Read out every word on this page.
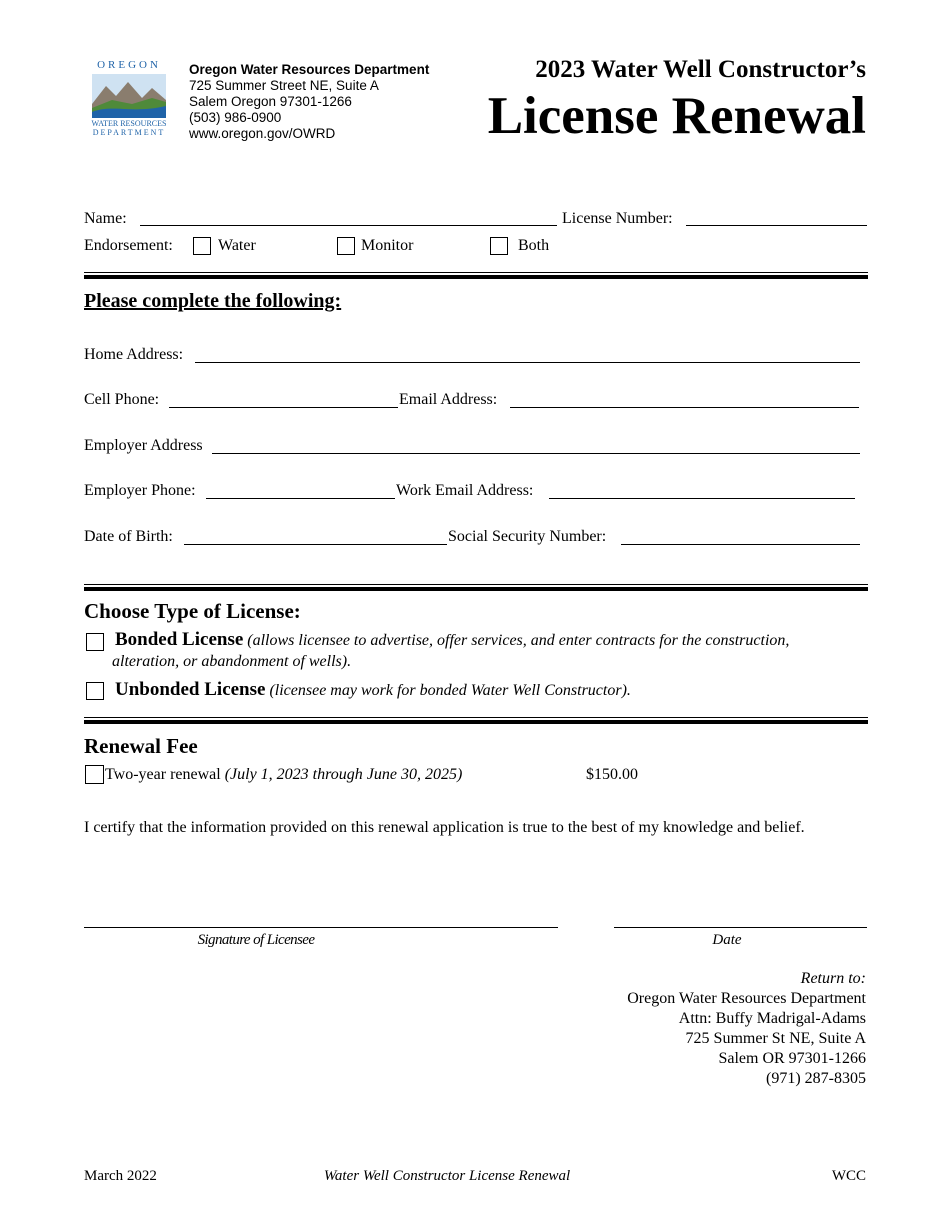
OREGON
WATER RESOURCES
DEPARTMENT
Oregon Water Resources Department
725 Summer Street NE, Suite A
Salem Oregon 97301-1266
(503) 986-0900
www.oregon.gov/OWRD
2023 Water Well Constructor’s
License Renewal
Name:	License Number:
Endorsement:	Water	Monitor	Both
Please complete the following:
Home Address:
Cell Phone:	Email Address:
Employer Address
Employer Phone:	Work Email Address:
Date of Birth:	Social Security Number:
Choose Type of License:
Bonded License (allows licensee to advertise, offer services, and enter contracts for the construction,
alteration, or abandonment of wells).
Unbonded License (licensee may work for bonded Water Well Constructor).
Renewal Fee
Two-year renewal (July 1, 2023 through June 30, 2025)	$150.00
I certify that the information provided on this renewal application is true to the best of my knowledge and belief.
Signature of Licensee	Date
Return to:
Oregon Water Resources Department
Attn: Buffy Madrigal-Adams
725 Summer St NE, Suite A
Salem OR 97301-1266
(971) 287-8305
March 2022	Water Well Constructor License Renewal	WCC
